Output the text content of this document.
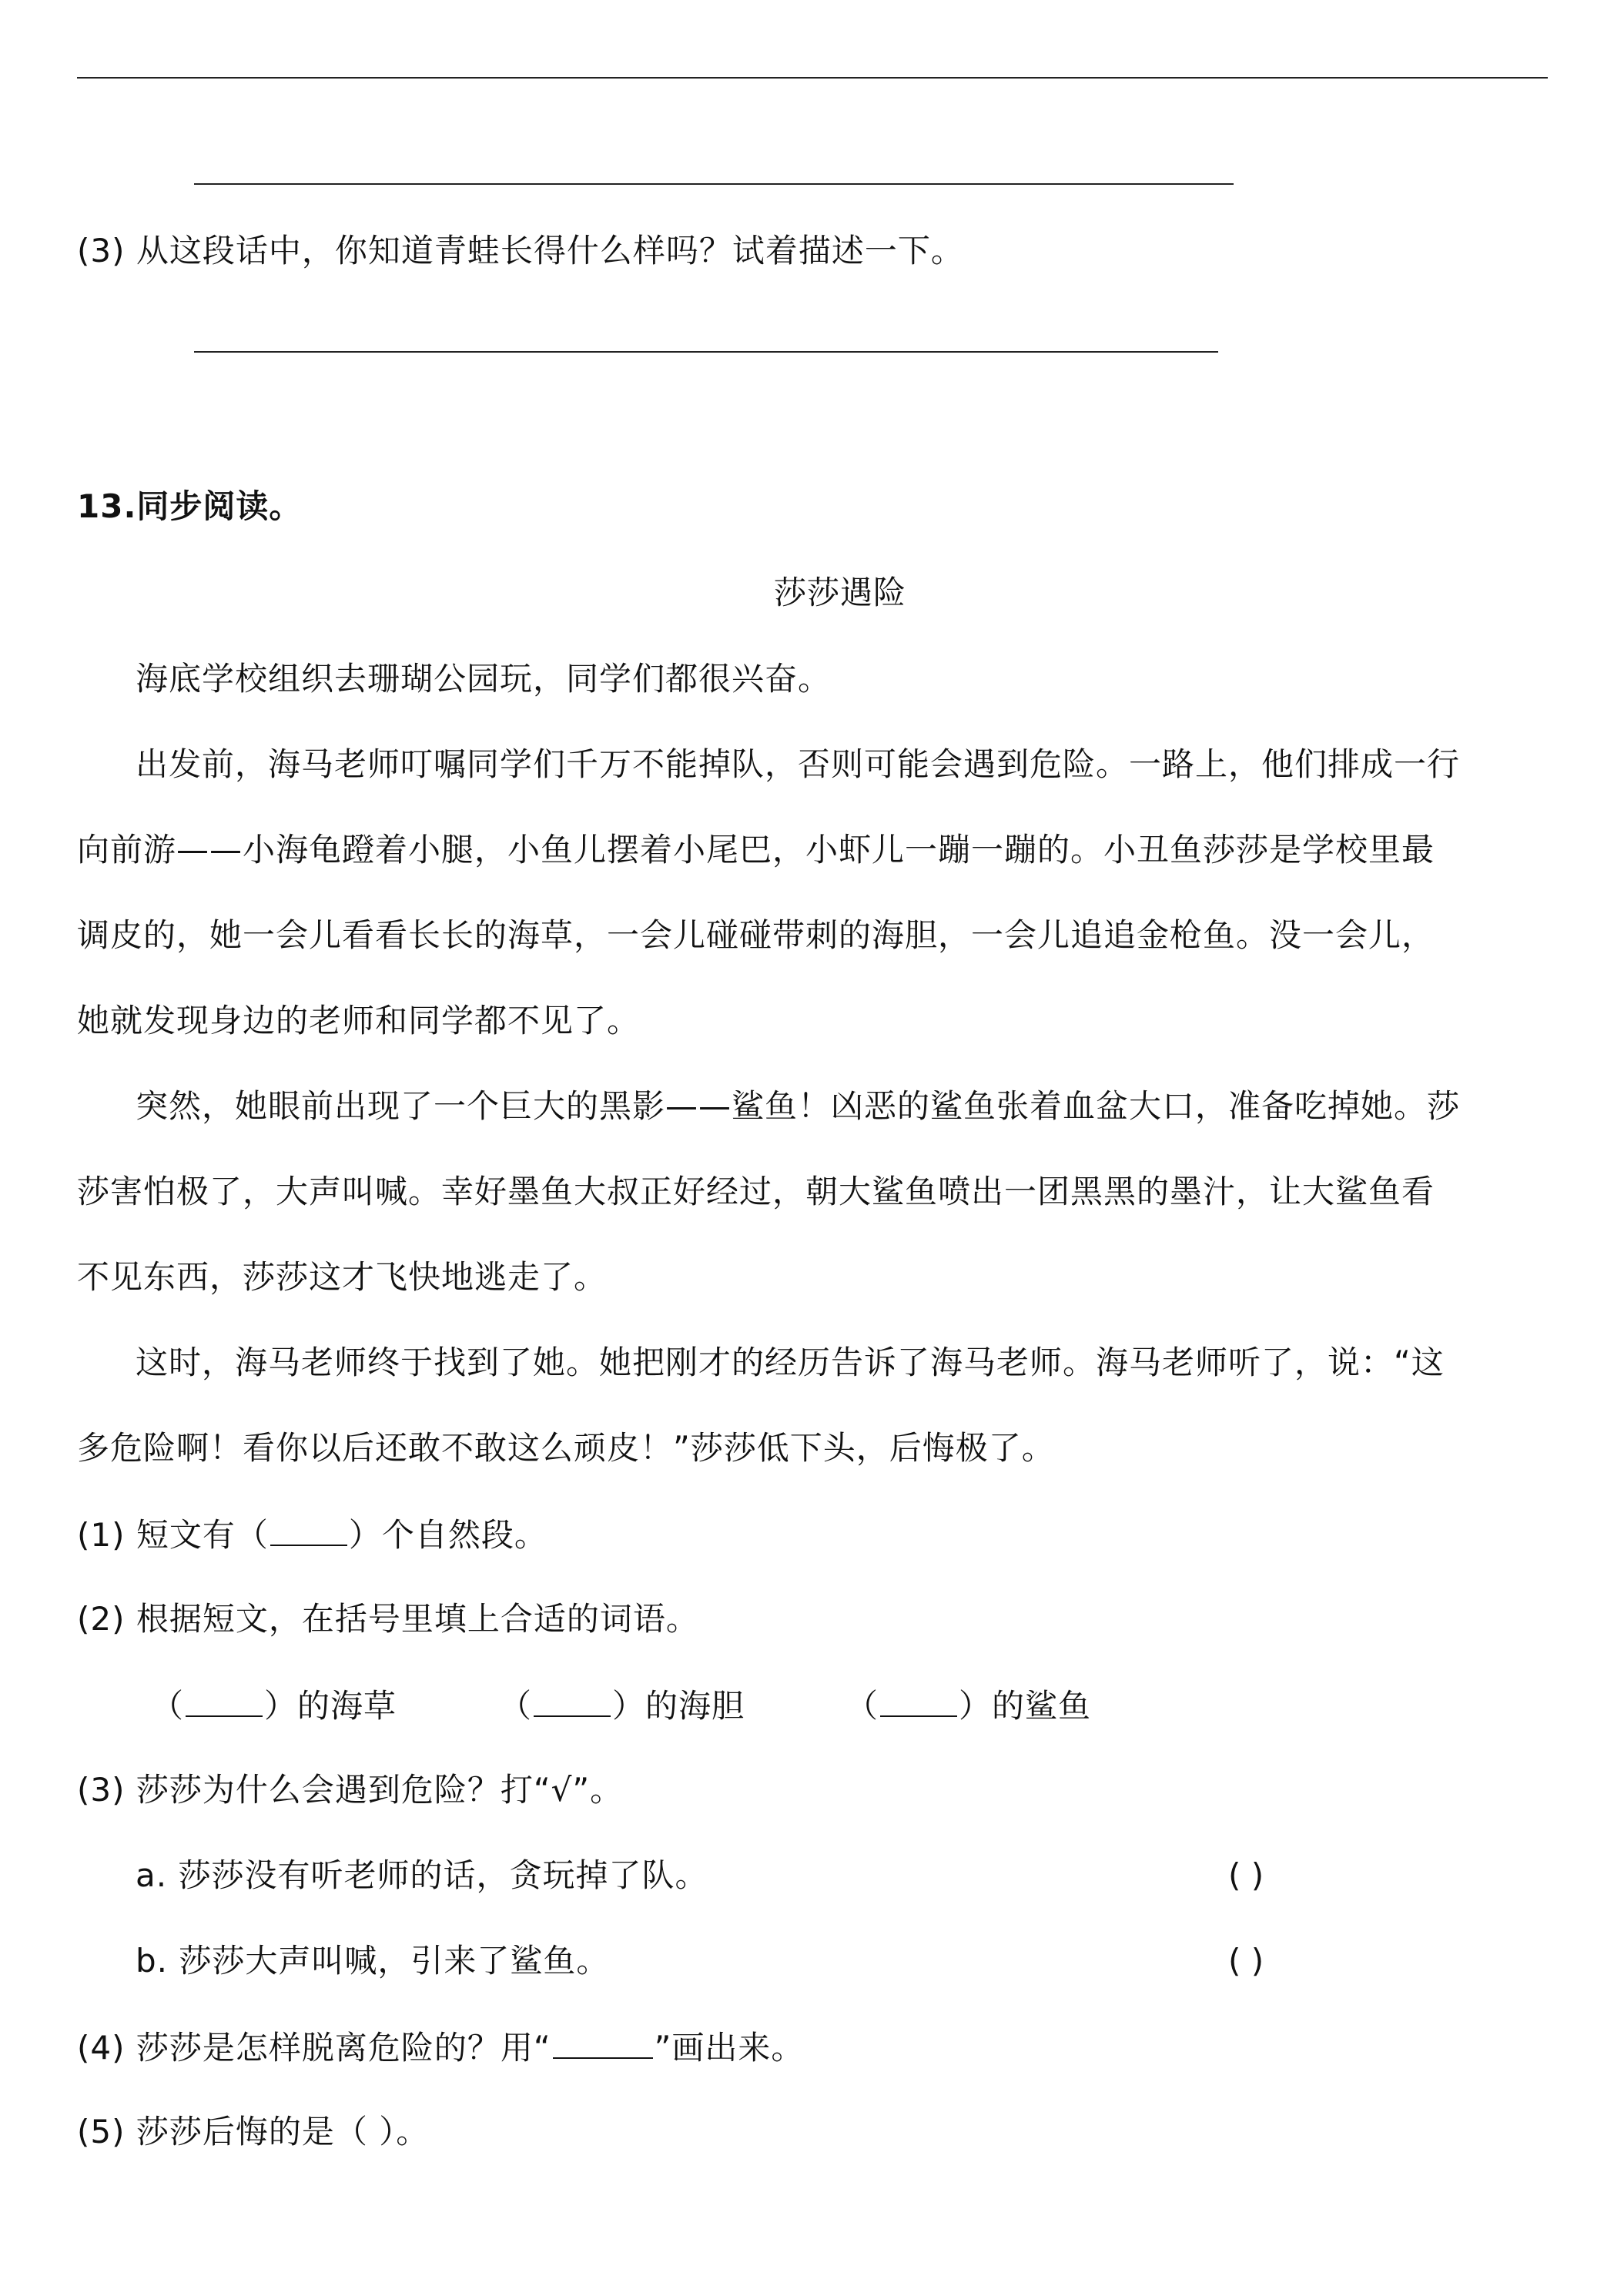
(3) 从这段话中，你知道青蛙长得什么样吗？试着描述一下。
13.同步阅读。
莎莎遇险
海底学校组织去珊瑚公园玩，同学们都很兴奋。
出发前，海马老师叮嘱同学们千万不能掉队，否则可能会遇到危险。一路上，他们排成一行
向前游——小海龟蹬着小腿，小鱼儿摆着小尾巴，小虾儿一蹦一蹦的。小丑鱼莎莎是学校里最
调皮的，她一会儿看看长长的海草，一会儿碰碰带刺的海胆，一会儿追追金枪鱼。没一会儿，
她就发现身边的老师和同学都不见了。
突然，她眼前出现了一个巨大的黑影——鲨鱼！凶恶的鲨鱼张着血盆大口，准备吃掉她。莎
莎害怕极了，大声叫喊。幸好墨鱼大叔正好经过，朝大鲨鱼喷出一团黑黑的墨汁，让大鲨鱼看
不见东西，莎莎这才飞快地逃走了。
这时，海马老师终于找到了她。她把刚才的经历告诉了海马老师。海马老师听了，说：“这
多危险啊！看你以后还敢不敢这么顽皮！”莎莎低下头，后悔极了。
(1) 短文有（ ）个自然段。
(2) 根据短文，在括号里填上合适的词语。
（ ）的海草	（ ）的海胆	（ ）的鲨鱼
(3) 莎莎为什么会遇到危险？打“√”。
a. 莎莎没有听老师的话，贪玩掉了队。	( )
b. 莎莎大声叫喊，引来了鲨鱼。	( )
(4) 莎莎是怎样脱离危险的？用“	”画出来。
(5) 莎莎后悔的是（ ）。
